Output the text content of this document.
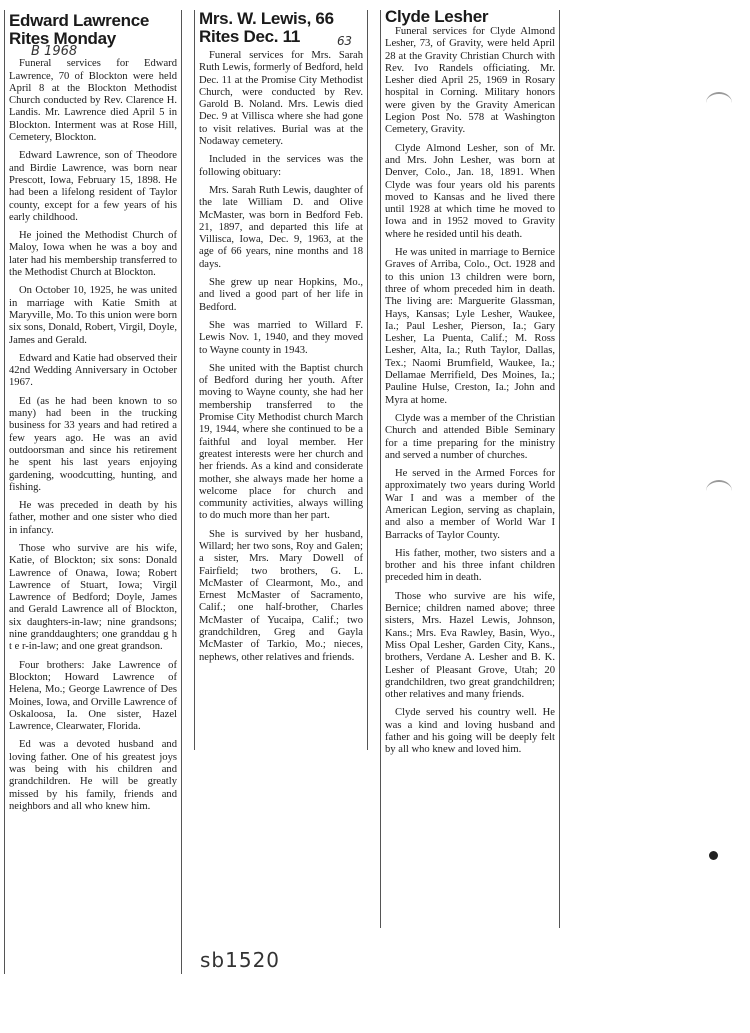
Edward Lawrence
Rites Monday
B 1968

Funeral services for Edward Lawrence, 70 of Blockton were held April 8 at the Blockton Methodist Church conducted by Rev. Clarence H. Landis. Mr. Lawrence died April 5 in Blockton. Interment was at Rose Hill, Cemetery, Blockton.

Edward Lawrence, son of Theodore and Birdie Lawrence, was born near Prescott, Iowa, February 15, 1898. He had been a lifelong resident of Taylor county, except for a few years of his early childhood.

He joined the Methodist Church of Maloy, Iowa when he was a boy and later had his membership transferred to the Methodist Church at Blockton.

On October 10, 1925, he was united in marriage with Katie Smith at Maryville, Mo. To this union were born six sons, Donald, Robert, Virgil, Doyle, James and Gerald.

Edward and Katie had observed their 42nd Wedding Anniversary in October 1967.

Ed (as he had been known to so many) had been in the trucking business for 33 years and had retired a few years ago. He was an avid outdoorsman and since his retirement he spent his last years enjoying gardening, woodcutting, hunting, and fishing.

He was preceded in death by his father, mother and one sister who died in infancy.

Those who survive are his wife, Katie, of Blockton; six sons: Donald Lawrence of Onawa, Iowa; Robert Lawrence of Stuart, Iowa; Virgil Lawrence of Bedford; Doyle, James and Gerald Lawrence all of Blockton, six daughters-in-law; nine grandsons; nine granddaughters; one granddau g h t e r-in-law; and one great grandson.

Four brothers: Jake Lawrence of Blockton; Howard Lawrence of Helena, Mo.; George Lawrence of Des Moines, Iowa, and Orville Lawrence of Oskaloosa, Ia. One sister, Hazel Lawrence, Clearwater, Florida.

Ed was a devoted husband and loving father. One of his greatest joys was being with his children and grandchildren. He will be greatly missed by his family, friends and neighbors and all who knew him.

Mrs. W. Lewis, 66
Rites Dec. 11	63

Funeral services for Mrs. Sarah Ruth Lewis, formerly of Bedford, held Dec. 11 at the Promise City Methodist Church, were conducted by Rev. Garold B. Noland. Mrs. Lewis died Dec. 9 at Villisca where she had gone to visit relatives. Burial was at the Nodaway cemetery.

Included in the services was the following obituary:

Mrs. Sarah Ruth Lewis, daughter of the late William D. and Olive McMaster, was born in Bedford Feb. 21, 1897, and departed this life at Villisca, Iowa, Dec. 9, 1963, at the age of 66 years, nine months and 18 days.

She grew up near Hopkins, Mo., and lived a good part of her life in Bedford.

She was married to Willard F. Lewis Nov. 1, 1940, and they moved to Wayne county in 1943.

She united with the Baptist church of Bedford during her youth. After moving to Wayne county, she had her membership transferred to the Promise City Methodist church March 19, 1944, where she continued to be a faithful and loyal member. Her greatest interests were her church and her friends. As a kind and considerate mother, she always made her home a welcome place for church and community activities, always willing to do much more than her part.

She is survived by her husband, Willard; her two sons, Roy and Galen; a sister, Mrs. Mary Dowell of Fairfield; two brothers, G. L. McMaster of Clearmont, Mo., and Ernest McMaster of Sacramento, Calif.; one half-brother, Charles McMaster of Yucaipa, Calif.; two grandchildren, Greg and Gayla McMaster of Tarkio, Mo.; nieces, nephews, other relatives and friends.

Clyde Lesher

Funeral services for Clyde Almond Lesher, 73, of Gravity, were held April 28 at the Gravity Christian Church with Rev. Ivo Randels officiating. Mr. Lesher died April 25, 1969 in Rosary hospital in Corning. Military honors were given by the Gravity American Legion Post No. 578 at Washington Cemetery, Gravity.

Clyde Almond Lesher, son of Mr. and Mrs. John Lesher, was born at Denver, Colo., Jan. 18, 1891. When Clyde was four years old his parents moved to Kansas and he lived there until 1928 at which time he moved to Iowa and in 1952 moved to Gravity where he resided until his death.

He was united in marriage to Bernice Graves of Arriba, Colo., Oct. 1928 and to this union 13 children were born, three of whom preceded him in death. The living are: Marguerite Glassman, Hays, Kansas; Lyle Lesher, Waukee, Ia.; Paul Lesher, Pierson, Ia.; Gary Lesher, La Puenta, Calif.; M. Ross Lesher, Alta, Ia.; Ruth Taylor, Dallas, Tex.; Naomi Brumfield, Waukee, Ia.; Dellamae Merrifield, Des Moines, Ia.; Pauline Hulse, Creston, Ia.; John and Myra at home.

Clyde was a member of the Christian Church and attended Bible Seminary for a time preparing for the ministry and served a number of churches.

He served in the Armed Forces for approximately two years during World War I and was a member of the American Legion, serving as chaplain, and also a member of World War I Barracks of Taylor County.

His father, mother, two sisters and a brother and his three infant children preceded him in death.

Those who survive are his wife, Bernice; children named above; three sisters, Mrs. Hazel Lewis, Johnson, Kans.; Mrs. Eva Rawley, Basin, Wyo., Miss Opal Lesher, Garden City, Kans., brothers, Verdane A. Lesher and B. K. Lesher of Pleasant Grove, Utah; 20 grandchildren, two great grandchildren; other relatives and many friends.

Clyde served his country well. He was a kind and loving husband and father and his going will be deeply felt by all who knew and loved him.

sb1520
